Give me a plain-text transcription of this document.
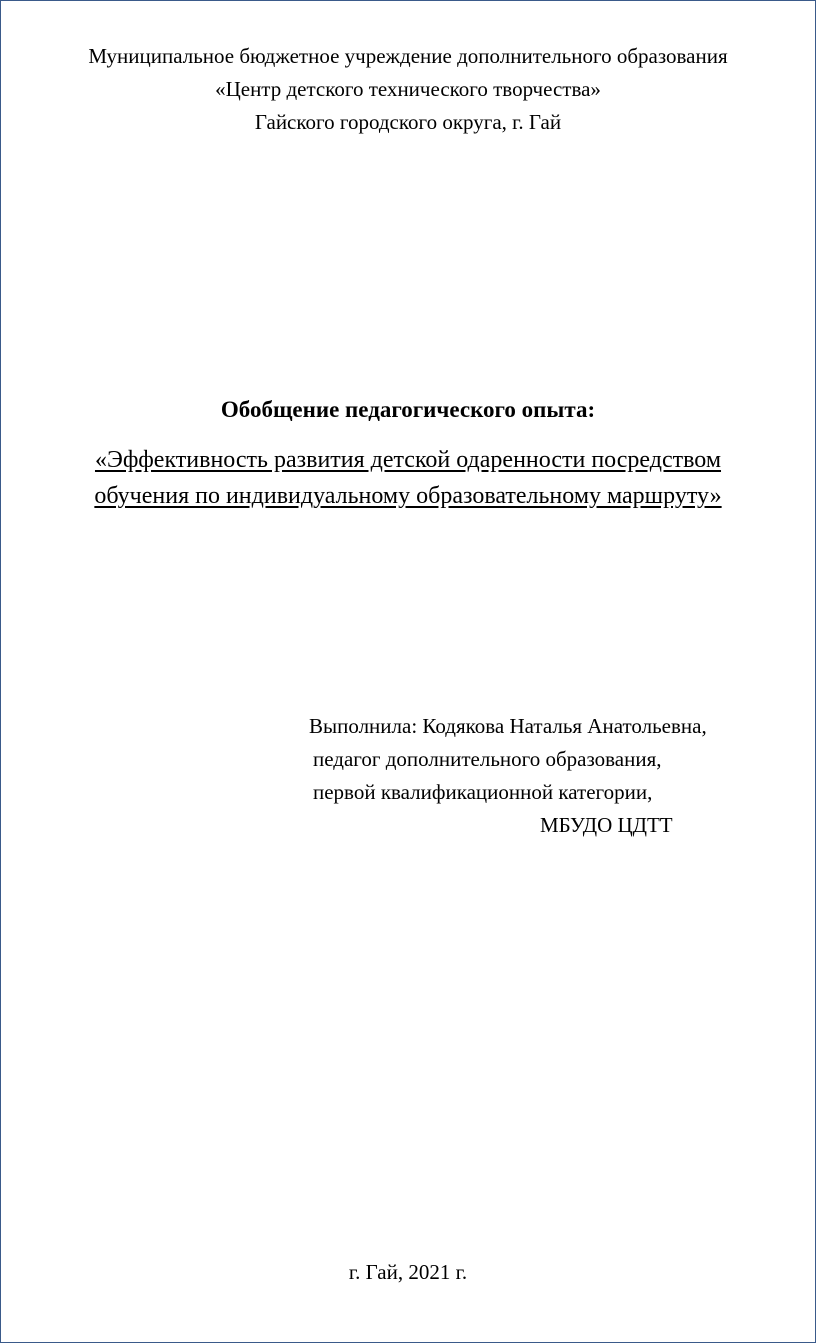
Муниципальное бюджетное учреждение дополнительного образования
«Центр детского технического творчества»
Гайского городского округа, г. Гай
Обобщение педагогического опыта:
«Эффективность развития детской одаренности посредством
обучения по индивидуальному образовательному маршруту»
Выполнила: Кодякова Наталья Анатольевна,
педагог дополнительного образования,
первой квалификационной категории,
МБУДО ЦДТТ
г. Гай, 2021 г.
